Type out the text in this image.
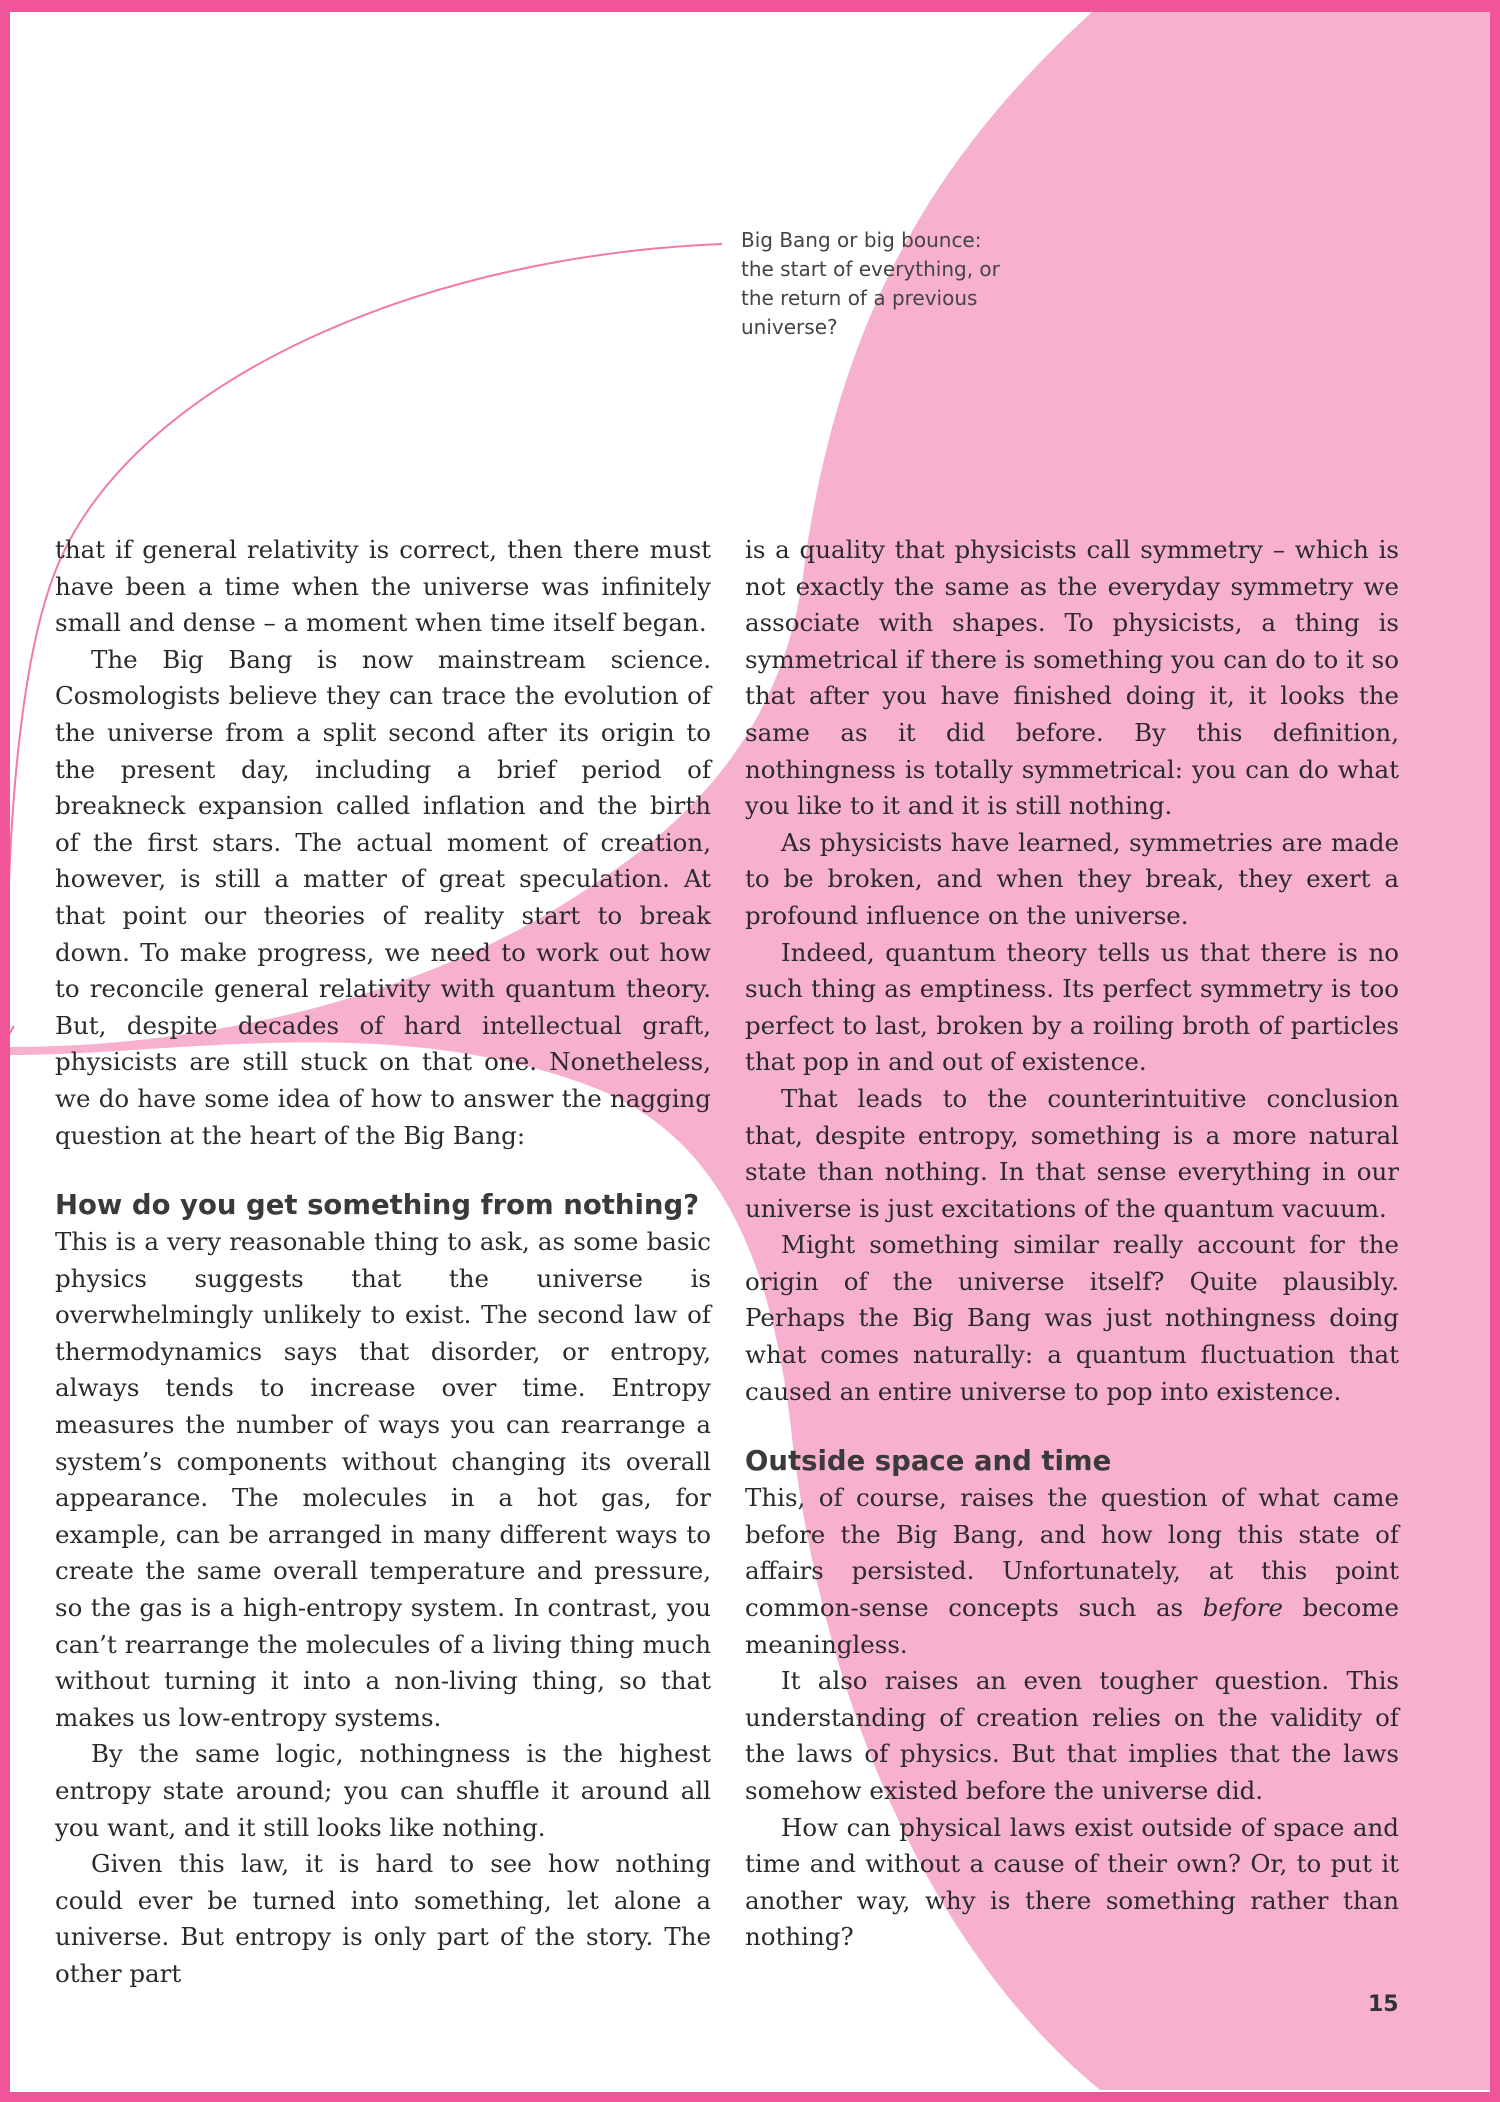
Big Bang or big bounce: the start of everything, or the return of a previous universe?

that if general relativity is correct, then there must have been a time when the universe was infinitely small and dense – a moment when time itself began.

The Big Bang is now mainstream science. Cosmologists believe they can trace the evolution of the universe from a split second after its origin to the present day, including a brief period of breakneck expansion called inflation and the birth of the first stars. The actual moment of creation, however, is still a matter of great speculation. At that point our theories of reality start to break down. To make progress, we need to work out how to reconcile general relativity with quantum theory. But, despite decades of hard intellectual graft, physicists are still stuck on that one. Nonetheless, we do have some idea of how to answer the nagging question at the heart of the Big Bang:

How do you get something from nothing?

This is a very reasonable thing to ask, as some basic physics suggests that the universe is overwhelmingly unlikely to exist. The second law of thermodynamics says that disorder, or entropy, always tends to increase over time. Entropy measures the number of ways you can rearrange a system’s components without changing its overall appearance. The molecules in a hot gas, for example, can be arranged in many different ways to create the same overall temperature and pressure, so the gas is a high-entropy system. In contrast, you can’t rearrange the molecules of a living thing much without turning it into a non-living thing, so that makes us low-entropy systems.

By the same logic, nothingness is the highest entropy state around; you can shuffle it around all you want, and it still looks like nothing.

Given this law, it is hard to see how nothing could ever be turned into something, let alone a universe. But entropy is only part of the story. The other part

is a quality that physicists call symmetry – which is not exactly the same as the everyday symmetry we associate with shapes. To physicists, a thing is symmetrical if there is something you can do to it so that after you have finished doing it, it looks the same as it did before. By this definition, nothingness is totally symmetrical: you can do what you like to it and it is still nothing.

As physicists have learned, symmetries are made to be broken, and when they break, they exert a profound influence on the universe.

Indeed, quantum theory tells us that there is no such thing as emptiness. Its perfect symmetry is too perfect to last, broken by a roiling broth of particles that pop in and out of existence.

That leads to the counterintuitive conclusion that, despite entropy, something is a more natural state than nothing. In that sense everything in our universe is just excitations of the quantum vacuum.

Might something similar really account for the origin of the universe itself? Quite plausibly. Perhaps the Big Bang was just nothingness doing what comes naturally: a quantum fluctuation that caused an entire universe to pop into existence.

Outside space and time

This, of course, raises the question of what came before the Big Bang, and how long this state of affairs persisted. Unfortunately, at this point common-sense concepts such as before become meaningless.

It also raises an even tougher question. This understanding of creation relies on the validity of the laws of physics. But that implies that the laws somehow existed before the universe did.

How can physical laws exist outside of space and time and without a cause of their own? Or, to put it another way, why is there something rather than nothing?

15
